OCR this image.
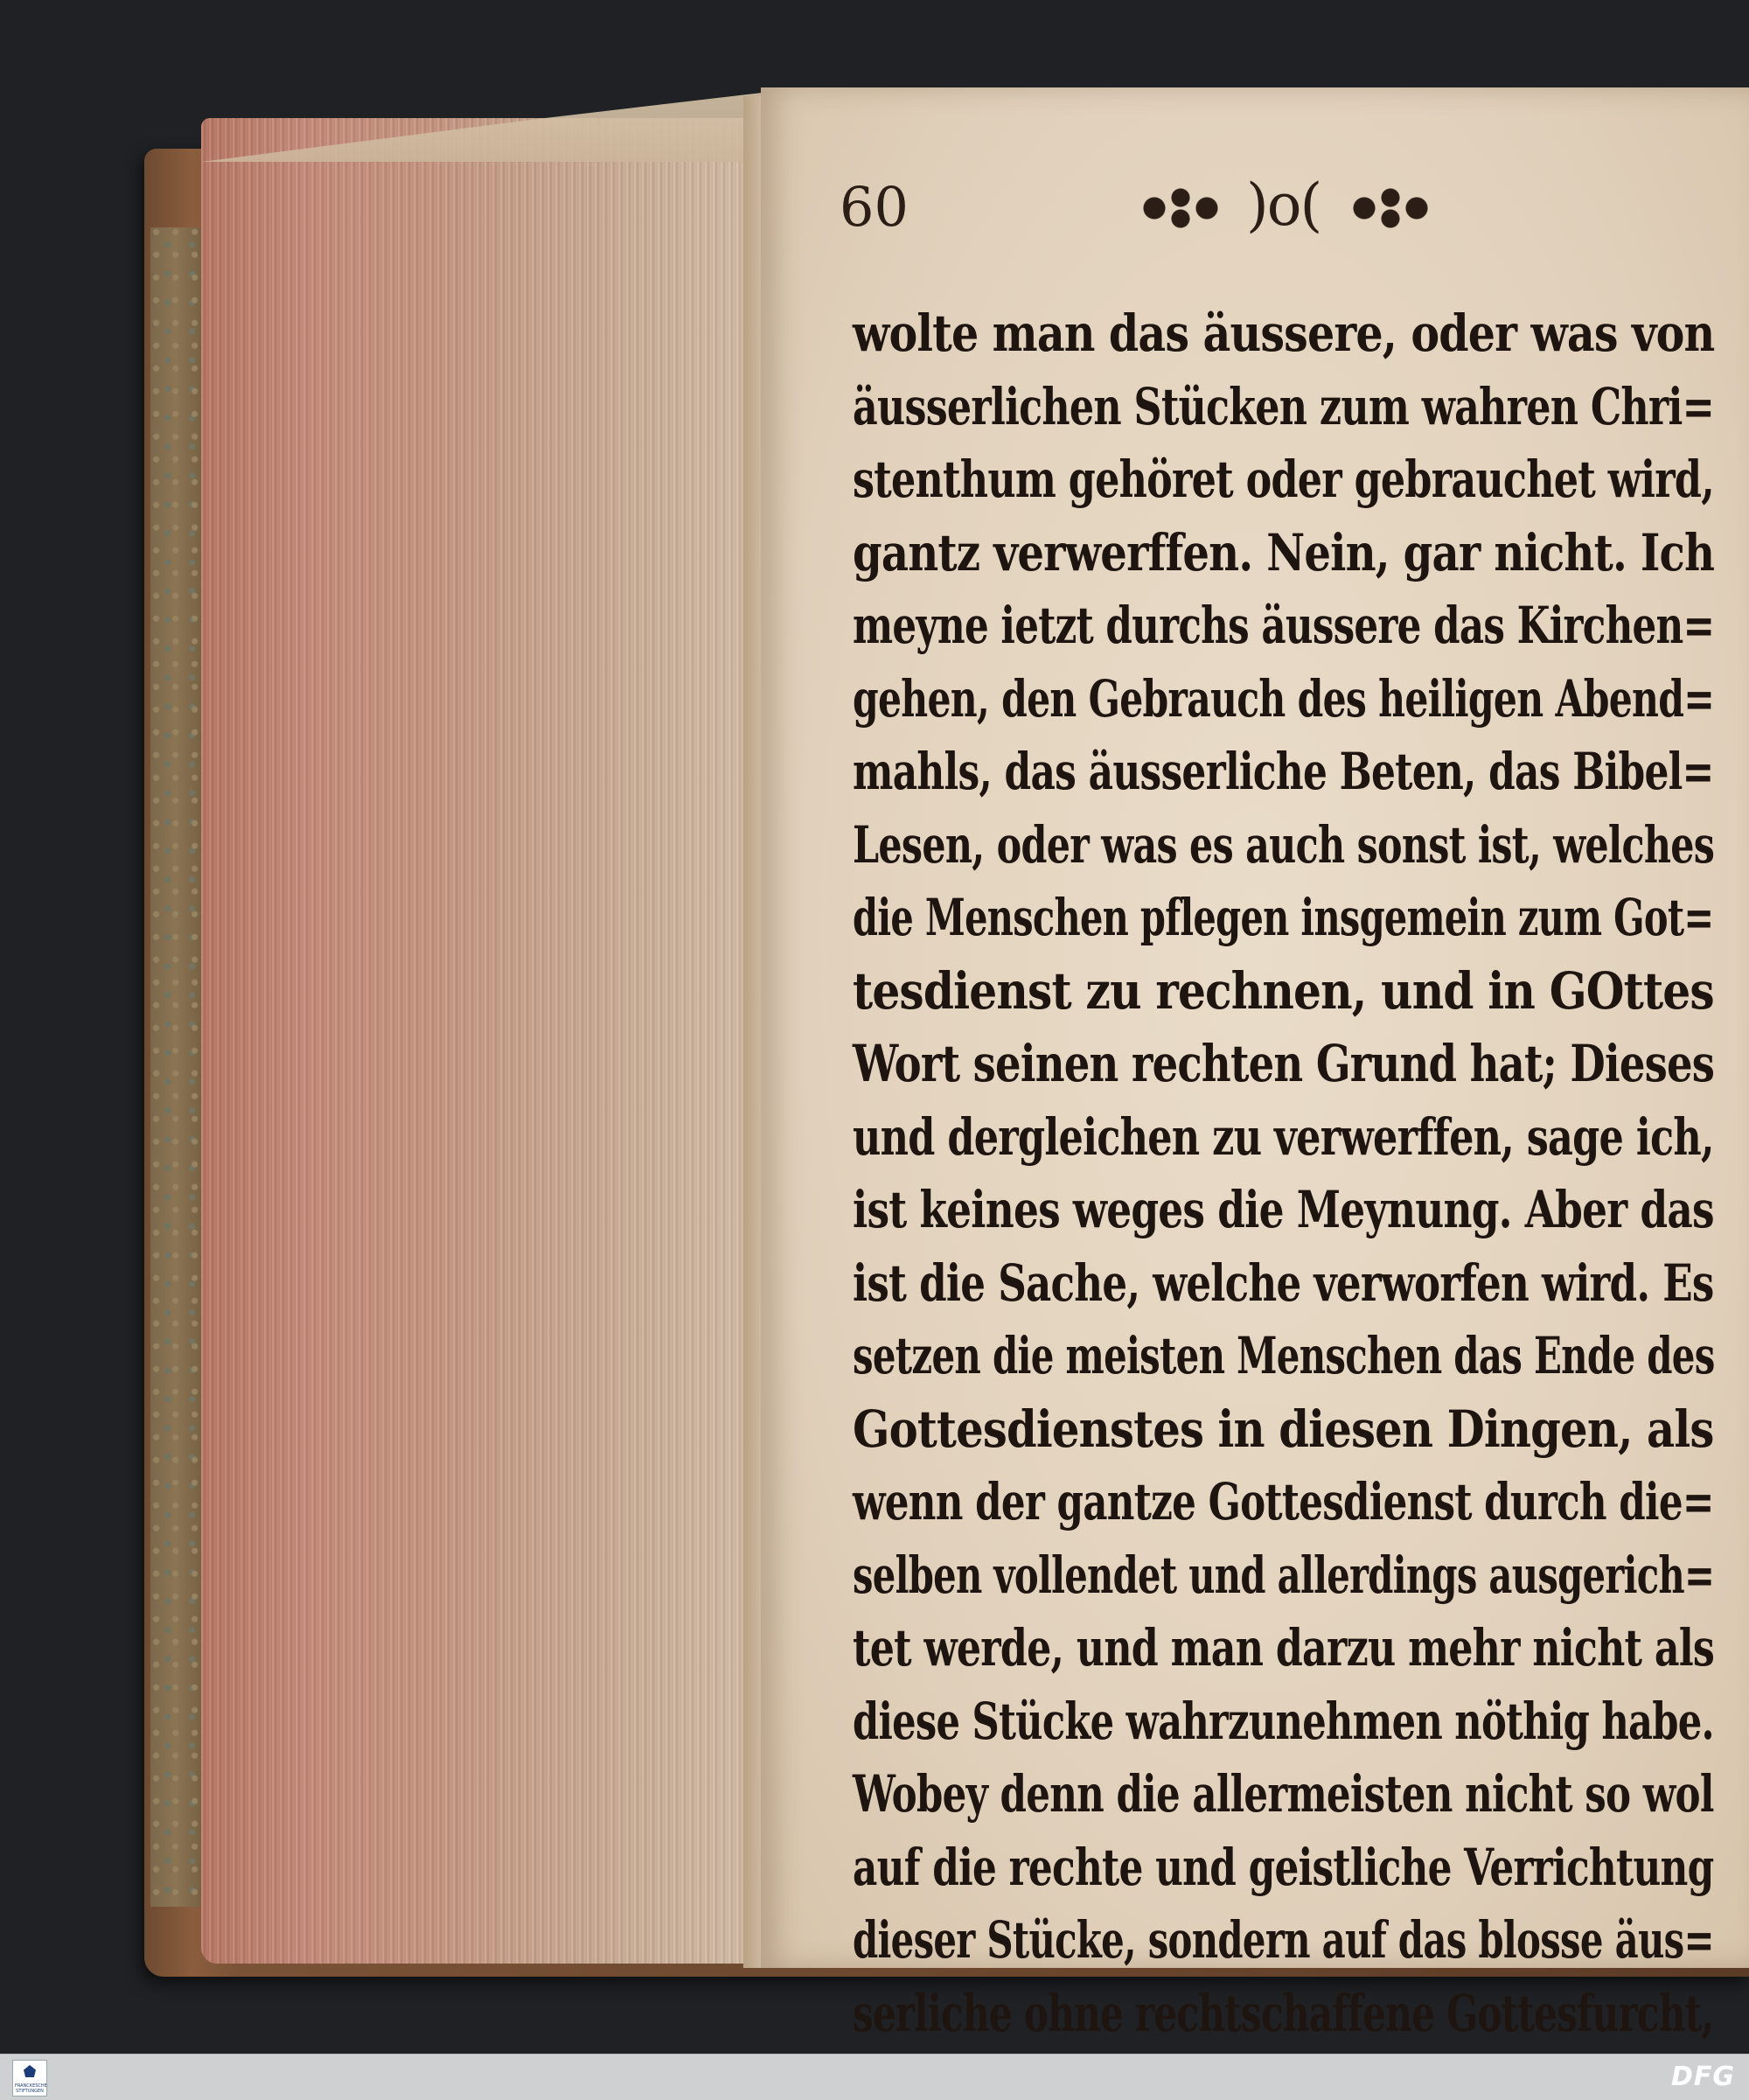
60	)o(
wolte man das äussere, oder was von
äusserlichen Stücken zum wahren Chri=
stenthum gehöret oder gebrauchet wird,
gantz verwerffen. Nein, gar nicht. Ich
meyne ietzt durchs äussere das Kirchen=
gehen, den Gebrauch des heiligen Abend=
mahls, das äusserliche Beten, das Bibel=
Lesen, oder was es auch sonst ist, welches
die Menschen pflegen insgemein zum Got=
tesdienst zu rechnen, und in GOttes
Wort seinen rechten Grund hat; Dieses
und dergleichen zu verwerffen, sage ich,
ist keines weges die Meynung. Aber das
ist die Sache, welche verworfen wird. Es
setzen die meisten Menschen das Ende des
Gottesdienstes in diesen Dingen, als
wenn der gantze Gottesdienst durch die=
selben vollendet und allerdings ausgerich=
tet werde, und man darzu mehr nicht als
diese Stücke wahrzunehmen nöthig habe.
Wobey denn die allermeisten nicht so wol
auf die rechte und geistliche Verrichtung
dieser Stücke, sondern auf das blosse äus=
serliche ohne rechtschaffene Gottesfurcht,
FRANCKESCHE STIFTUNGEN	DFG
